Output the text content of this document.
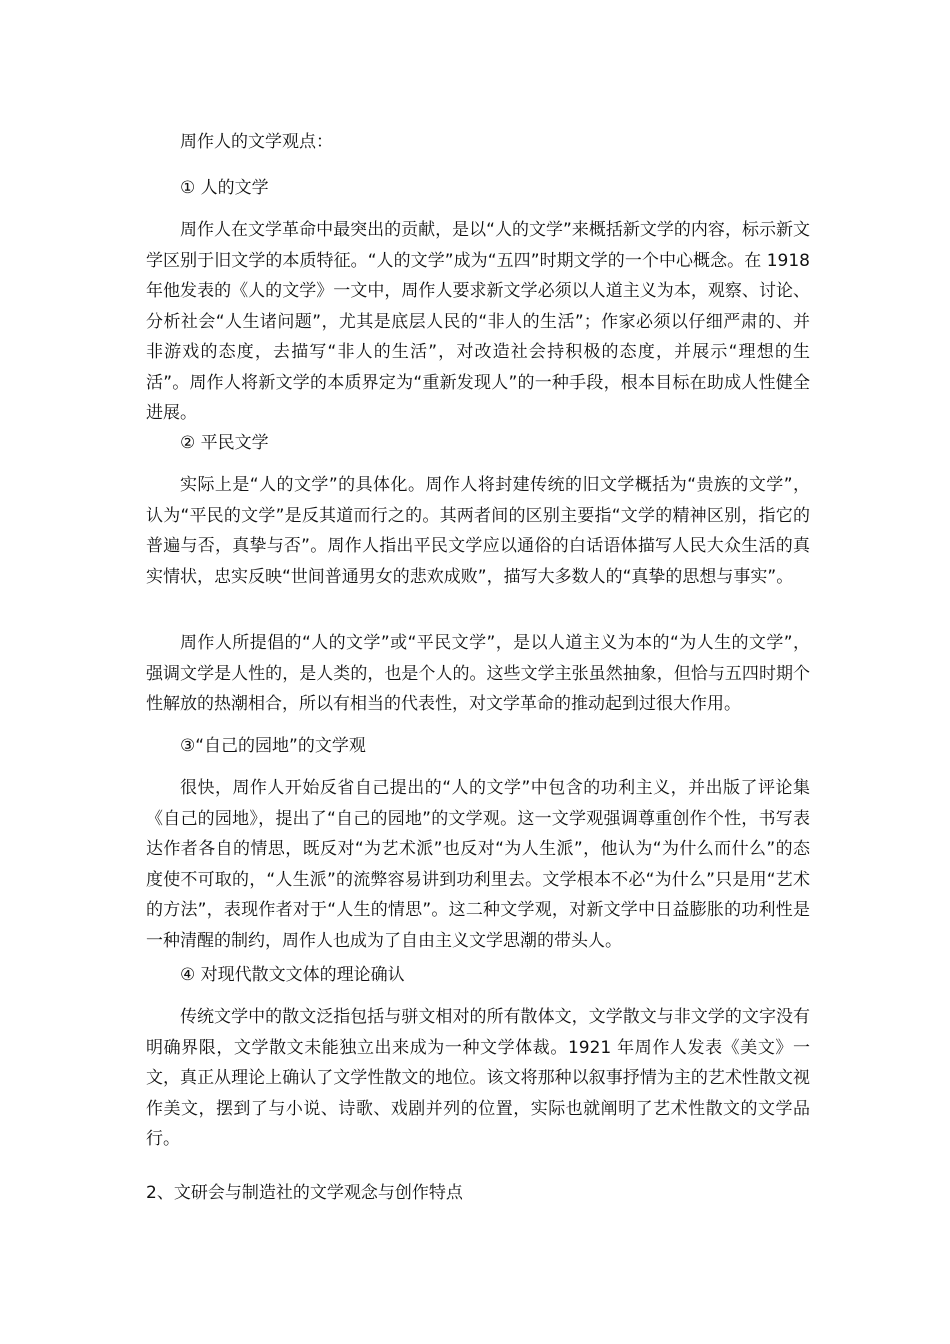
周作人的文学观点：
① 人的文学
周作人在文学革命中最突出的贡献，是以“人的文学”来概括新文学的内容，标示新文学区别于旧文学的本质特征。“人的文学”成为“五四”时期文学的一个中心概念。在 1918 年他发表的《人的文学》一文中，周作人要求新文学必须以人道主义为本，观察、讨论、分析社会“人生诸问题”，尤其是底层人民的“非人的生活”；作家必须以仔细严肃的、并非游戏的态度，去描写“非人的生活”，对改造社会持积极的态度，并展示“理想的生活”。周作人将新文学的本质界定为“重新发现人”的一种手段，根本目标在助成人性健全进展。
② 平民文学
实际上是“人的文学”的具体化。周作人将封建传统的旧文学概括为“贵族的文学”，认为“平民的文学”是反其道而行之的。其两者间的区别主要指“文学的精神区别，指它的普遍与否，真挚与否”。周作人指出平民文学应以通俗的白话语体描写人民大众生活的真实情状，忠实反映“世间普通男女的悲欢成败”，描写大多数人的“真挚的思想与事实”。
周作人所提倡的“人的文学”或“平民文学”，是以人道主义为本的“为人生的文学”，强调文学是人性的，是人类的，也是个人的。这些文学主张虽然抽象，但恰与五四时期个性解放的热潮相合，所以有相当的代表性，对文学革命的推动起到过很大作用。
③“自己的园地”的文学观
很快，周作人开始反省自己提出的“人的文学”中包含的功利主义，并出版了评论集《自己的园地》，提出了“自己的园地”的文学观。这一文学观强调尊重创作个性，书写表达作者各自的情思，既反对“为艺术派”也反对“为人生派”，他认为“为什么而什么”的态度使不可取的，“人生派”的流弊容易讲到功利里去。文学根本不必“为什么”只是用“艺术的方法”，表现作者对于“人生的情思”。这二种文学观，对新文学中日益膨胀的功利性是一种清醒的制约，周作人也成为了自由主义文学思潮的带头人。
④ 对现代散文文体的理论确认
传统文学中的散文泛指包括与骈文相对的所有散体文，文学散文与非文学的文字没有明确界限，文学散文未能独立出来成为一种文学体裁。1921 年周作人发表《美文》一文，真正从理论上确认了文学性散文的地位。该文将那种以叙事抒情为主的艺术性散文视作美文，摆到了与小说、诗歌、戏剧并列的位置，实际也就阐明了艺术性散文的文学品行。
2、文研会与制造社的文学观念与创作特点
